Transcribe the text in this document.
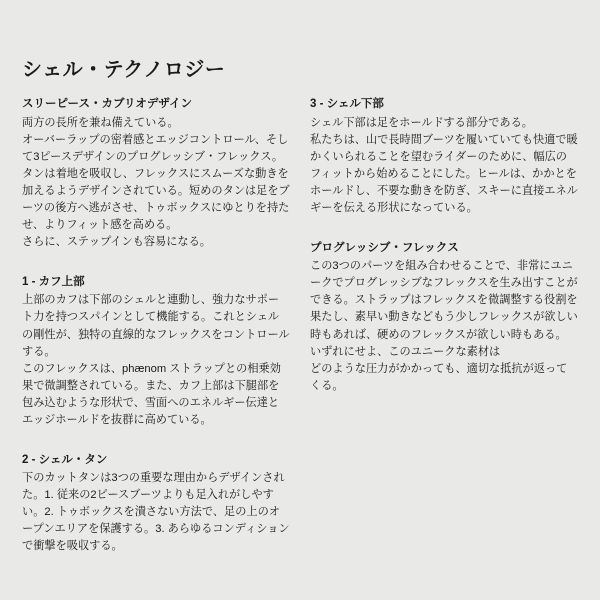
シェル・テクノロジー

スリーピース・カブリオデザイン

両方の長所を兼ね備えている。

オーバーラップの密着感とエッジコントロール、そして3ピースデザインのプログレッシブ・フレックス。

タンは着地を吸収し、フレックスにスムーズな動きを加えるようデザインされている。短めのタンは足をブーツの後方へ逃がさせ、トゥボックスにゆとりを持たせ、よりフィット感を高める。

さらに、ステップインも容易になる。

1 - カフ上部

上部のカフは下部のシェルと連動し、強力なサポート力を持つスパインとして機能する。これとシェルの剛性が、独特の直線的なフレックスをコントロールする。

このフレックスは、phænom ストラップとの相乗効果で微調整されている。また、カフ上部は下腿部を包み込むような形状で、雪面へのエネルギー伝達とエッジホールドを抜群に高めている。

2 - シェル・タン

下のカットタンは3つの重要な理由からデザインされた。1. 従来の2ピースブーツよりも足入れがしやすい。2. トゥボックスを潰さない方法で、足の上のオープンエリアを保護する。3. あらゆるコンディションで衝撃を吸収する。

3 - シェル下部

シェル下部は足をホールドする部分である。

私たちは、山で長時間ブーツを履いていても快適で暖かくいられることを望むライダーのために、幅広のフィットから始めることにした。ヒールは、かかとをホールドし、不要な動きを防ぎ、スキーに直接エネルギーを伝える形状になっている。

プログレッシブ・フレックス

この3つのパーツを組み合わせることで、非常にユニークでプログレッシブなフレックスを生み出すことができる。ストラップはフレックスを微調整する役割を果たし、素早い動きなどもう少しフレックスが欲しい時もあれば、硬めのフレックスが欲しい時もある。

いずれにせよ、このユニークな素材は

どのような圧力がかかっても、適切な抵抗が返ってくる。
